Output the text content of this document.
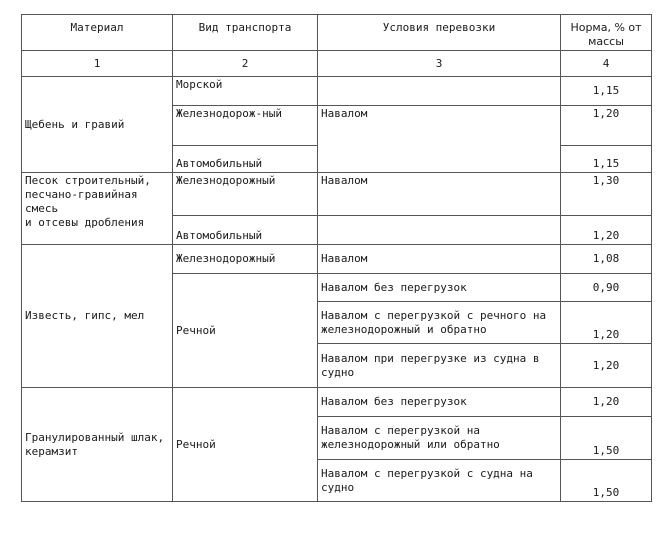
Материал	Вид транспорта	Условия перевозки	Норма, % от массы
1	2	3	4
Щебень и гравий	Морской		1,15
	Железнодорож-ный	Навалом	1,20
	Автомобильный		1,15

Песок строительный, песчано-гравийная смесь
и отсевы дробления	Железнодорожный	Навалом	1,30
	Автомобильный		1,20
Известь, гипс, мел	Железнодорожный	Навалом	1,08
	Речной	Навалом без перегрузок	0,90
		Навалом с перегрузкой с речного на железнодорожный и обратно	1,20
		Навалом при перегрузке из судна в судно	1,20
Гранулированный шлак, керамзит	Речной	Навалом без перегрузок	1,20
		Навалом с перегрузкой на железнодорожный или обратно	1,50
		Навалом с перегрузкой с судна на судно	1,50
